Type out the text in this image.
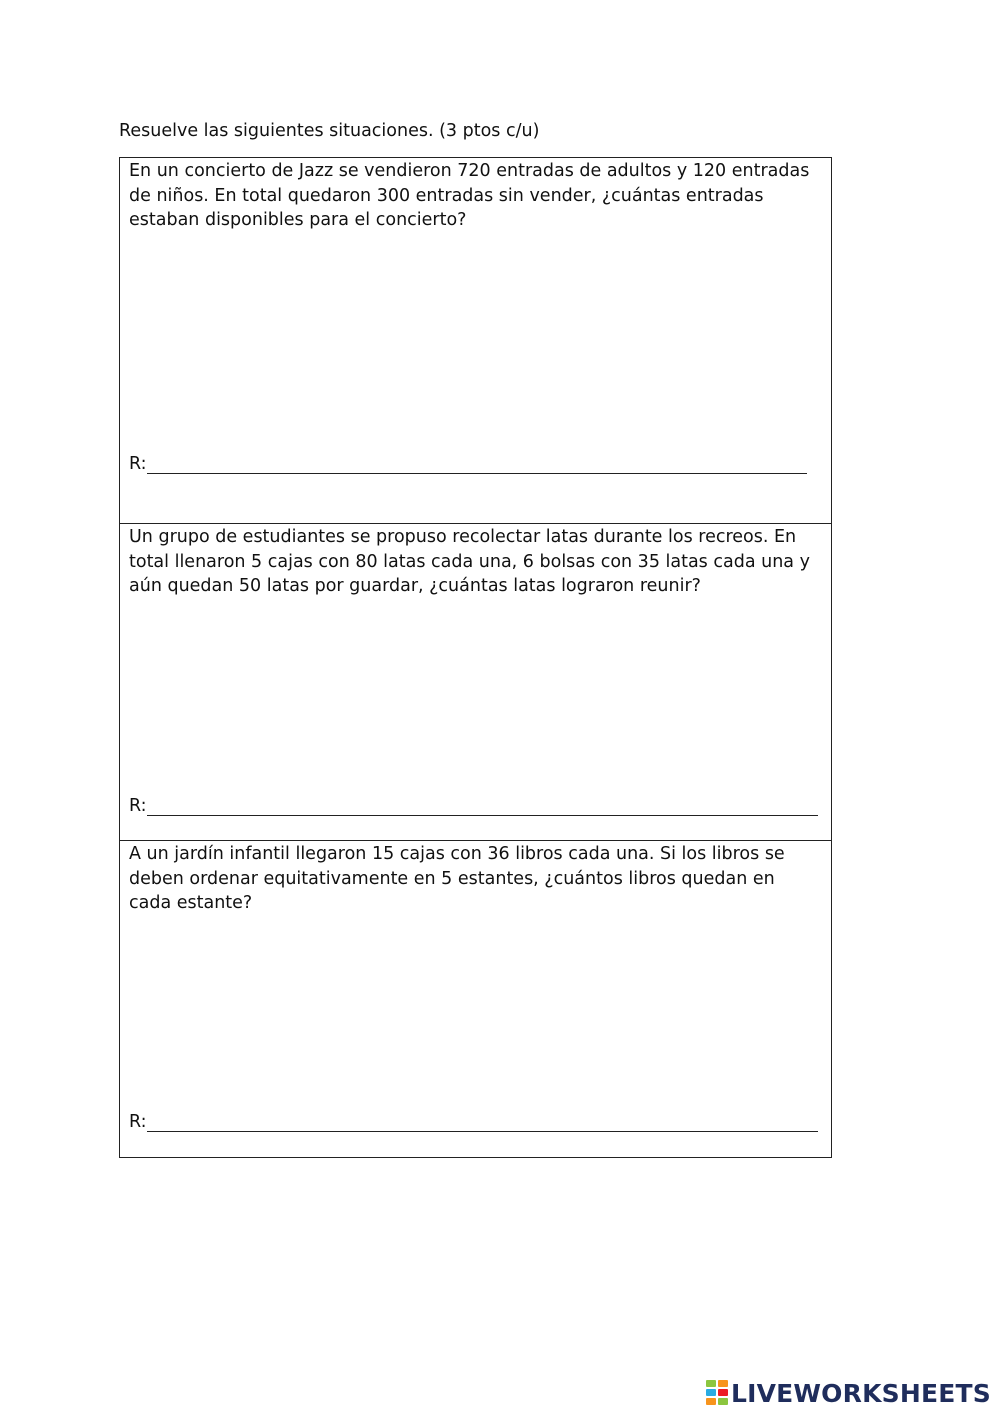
Resuelve las siguientes situaciones. (3 ptos c/u)

En un concierto de Jazz se vendieron 720 entradas de adultos y 120 entradas de niños. En total quedaron 300 entradas sin vender, ¿cuántas entradas estaban disponibles para el concierto?

R:

Un grupo de estudiantes se propuso recolectar latas durante los recreos. En total llenaron 5 cajas con 80 latas cada una, 6 bolsas con 35 latas cada una y aún quedan 50 latas por guardar, ¿cuántas latas lograron reunir?

R:

A un jardín infantil llegaron 15 cajas con 36 libros cada una. Si los libros se deben ordenar equitativamente en 5 estantes, ¿cuántos libros quedan en cada estante?

R:
LIVEWORKSHEETS
